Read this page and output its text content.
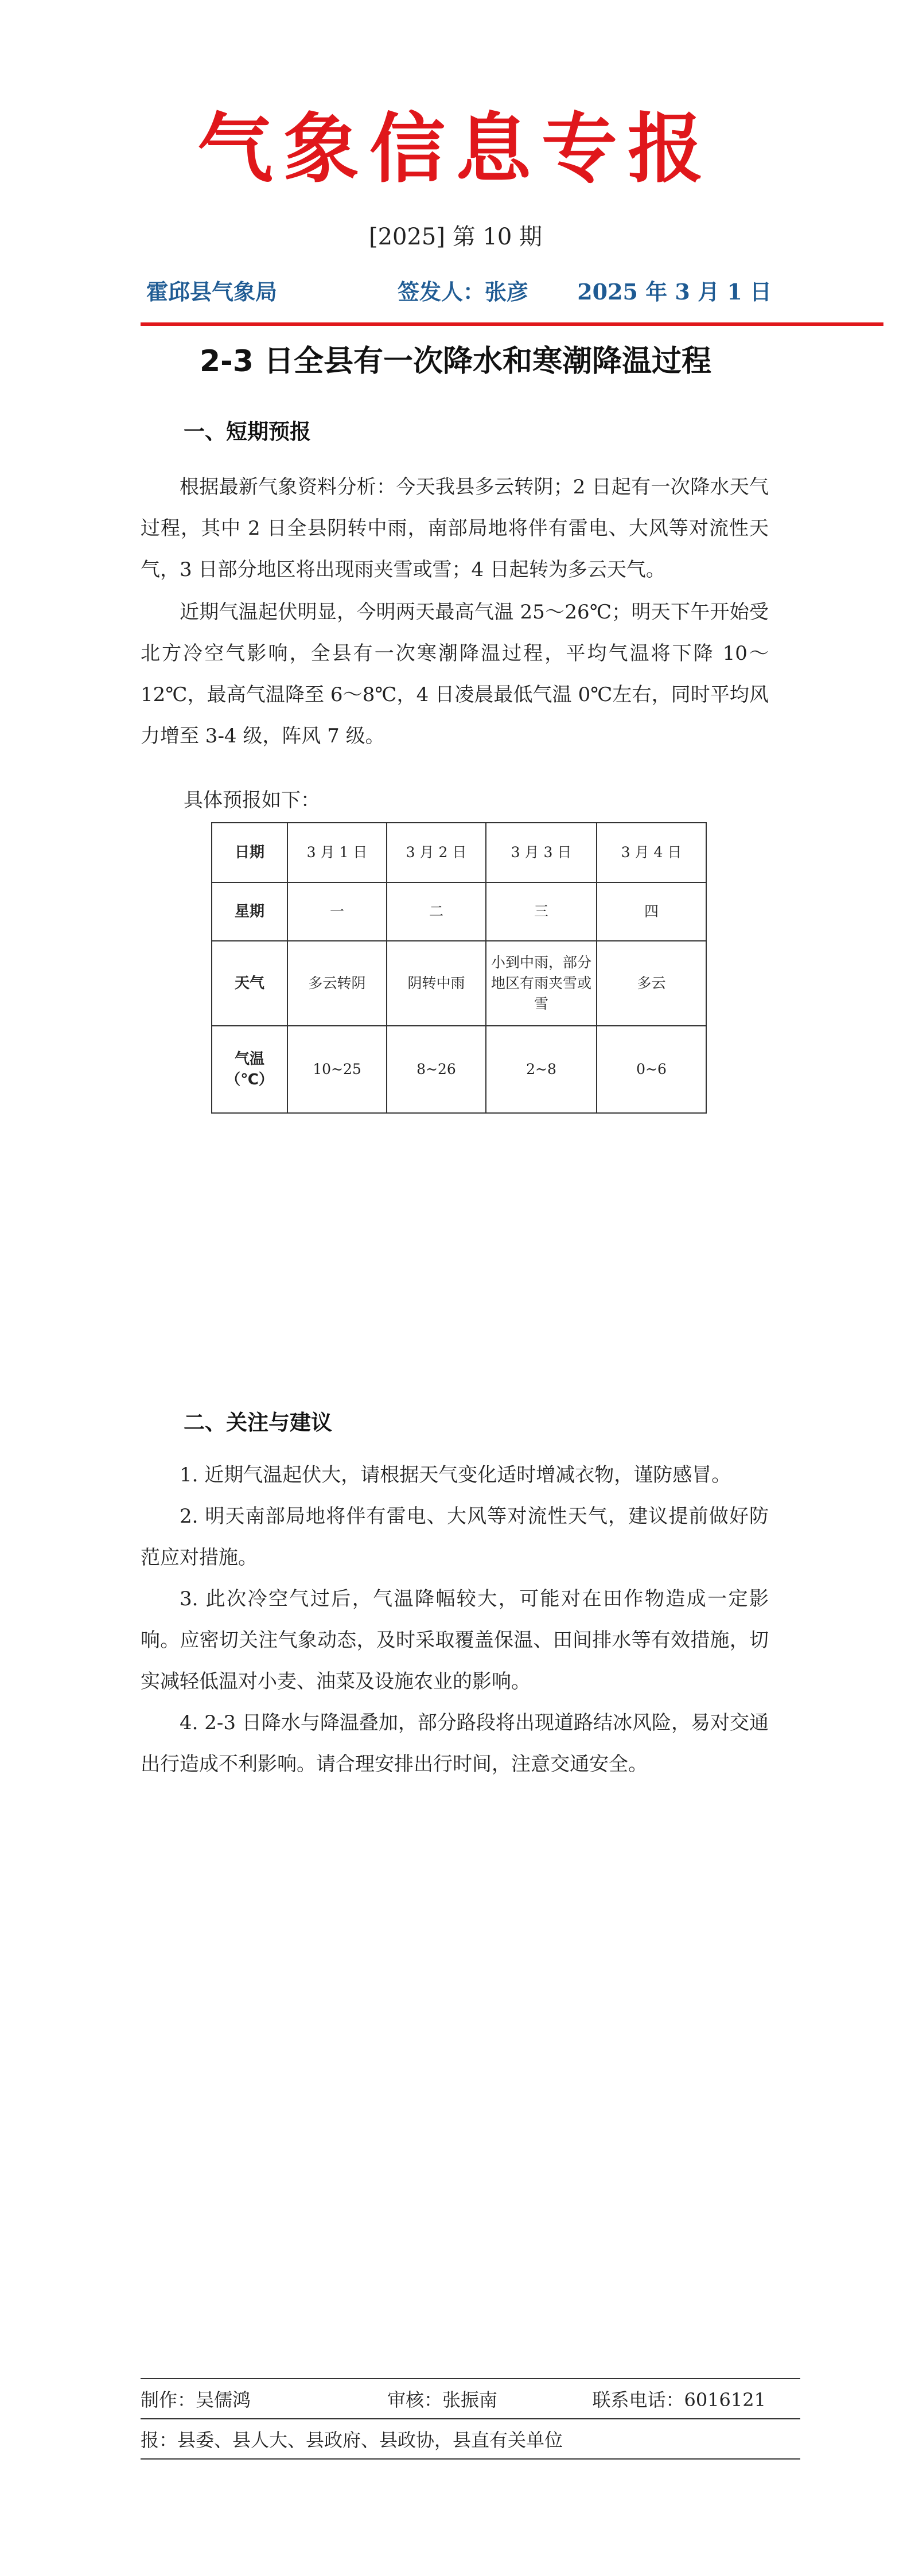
气象信息专报
[2025] 第 10 期
霍邱县气象局	签发人：张彦 2025 年 3 月 1 日
2-3 日全县有一次降水和寒潮降温过程
一、短期预报

根据最新气象资料分析：今天我县多云转阴；2 日起有一次降水天气过程，其中 2 日全县阴转中雨，南部局地将伴有雷电、大风等对流性天气，3 日部分地区将出现雨夹雪或雪；4 日起转为多云天气。

近期气温起伏明显，今明两天最高气温 25～26℃；明天下午开始受北方冷空气影响，全县有一次寒潮降温过程，平均气温将下降 10～12℃，最高气温降至 6～8℃，4 日凌晨最低气温 0℃左右，同时平均风力增至 3-4 级，阵风 7 级。

具体预报如下：
日期	3 月 1 日	3 月 2 日	3 月 3 日	3 月 4 日
星期	一	二	三	四
天气	多云转阴	阴转中雨	小到中雨，部分地区有雨夹雪或雪	多云
气温（℃）	10~25	8~26	2~8	0~6
二、关注与建议

1. 近期气温起伏大，请根据天气变化适时增减衣物，谨防感冒。

2. 明天南部局地将伴有雷电、大风等对流性天气，建议提前做好防范应对措施。

3. 此次冷空气过后，气温降幅较大，可能对在田作物造成一定影响。应密切关注气象动态，及时采取覆盖保温、田间排水等有效措施，切实减轻低温对小麦、油菜及设施农业的影响。

4. 2-3 日降水与降温叠加，部分路段将出现道路结冰风险，易对交通出行造成不利影响。请合理安排出行时间，注意交通安全。

制作：吴儒鸿	审核：张振南	联系电话：6016121
报：县委、县人大、县政府、县政协，县直有关单位
